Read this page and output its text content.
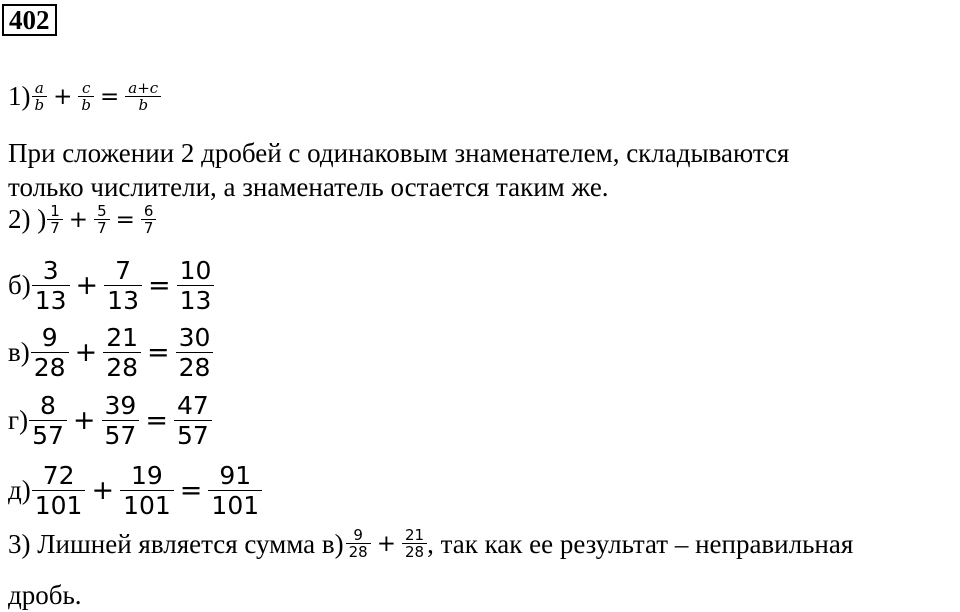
402
$1) \frac{a}{b} + \frac{c}{b} = \frac{a+c}{b}$
При сложении 2 дробей с одинаковым знаменателем, складываются
только числители, а знаменатель остается таким же.
2) ) $\frac{1}{7} + \frac{5}{7} = \frac{6}{7}$
$б) \frac{3}{13} + \frac{7}{13} = \frac{10}{13}$
$в) \frac{9}{28} + \frac{21}{28} = \frac{30}{28}$
$г) \frac{8}{57} + \frac{39}{57} = \frac{47}{57}$
$д) \frac{72}{101} + \frac{19}{101} = \frac{91}{101}$
3) Лишней является сумма $в) \frac{9}{28} + \frac{21}{28}$ , так как ее результат – неправильная
дробь.
